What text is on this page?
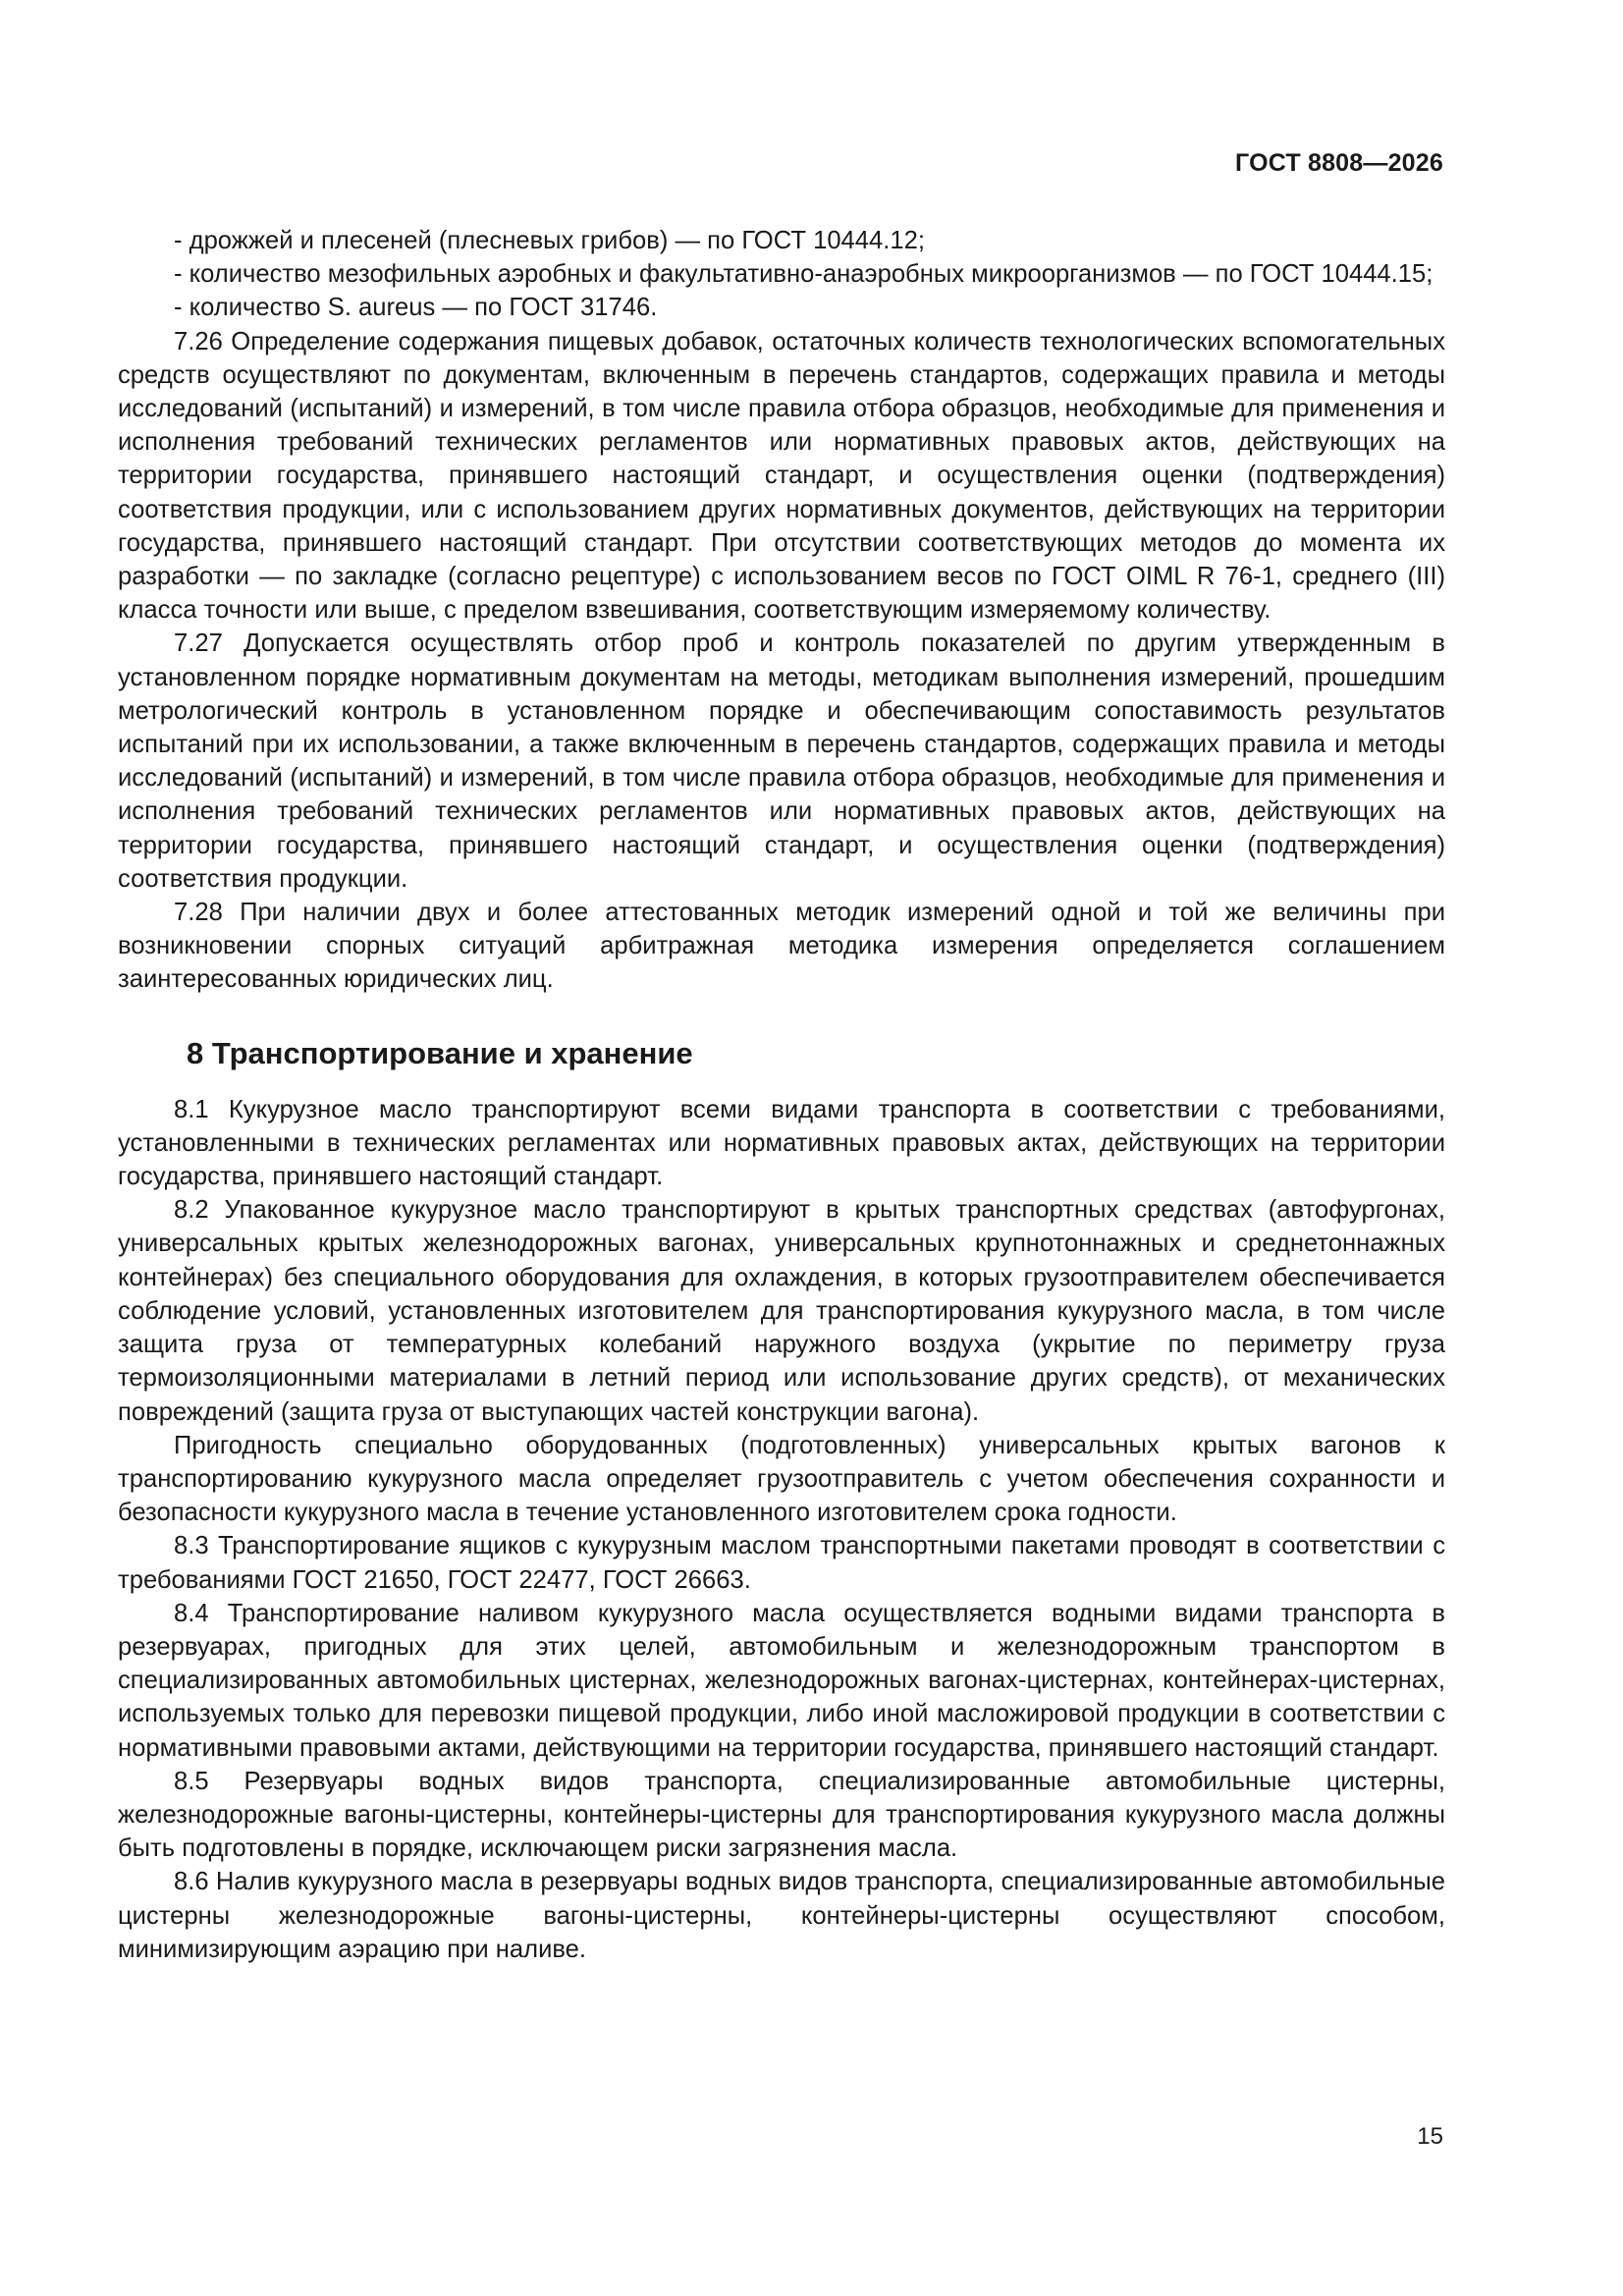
ГОСТ 8808—2026

- дрожжей и плесеней (плесневых грибов) — по ГОСТ 10444.12;

- количество мезофильных аэробных и факультативно-анаэробных микроорганизмов — по ГОСТ 10444.15;

- количество S. aureus — по ГОСТ 31746.

7.26 Определение содержания пищевых добавок, остаточных количеств технологических вспомогательных средств осуществляют по документам, включенным в перечень стандартов, содержащих правила и методы исследований (испытаний) и измерений, в том числе правила отбора образцов, необходимые для применения и исполнения требований технических регламентов или нормативных правовых актов, действующих на территории государства, принявшего настоящий стандарт, и осуществления оценки (подтверждения) соответствия продукции, или с использованием других нормативных документов, действующих на территории государства, принявшего настоящий стандарт. При отсутствии соответствующих методов до момента их разработки — по закладке (согласно рецептуре) с использованием весов по ГОСТ OIML R 76-1, среднего (III) класса точности или выше, с пределом взвешивания, соответствующим измеряемому количеству.

7.27 Допускается осуществлять отбор проб и контроль показателей по другим утвержденным в установленном порядке нормативным документам на методы, методикам выполнения измерений, прошедшим метрологический контроль в установленном порядке и обеспечивающим сопоставимость результатов испытаний при их использовании, а также включенным в перечень стандартов, содержащих правила и методы исследований (испытаний) и измерений, в том числе правила отбора образцов, необходимые для применения и исполнения требований технических регламентов или нормативных правовых актов, действующих на территории государства, принявшего настоящий стандарт, и осуществления оценки (подтверждения) соответствия продукции.

7.28 При наличии двух и более аттестованных методик измерений одной и той же величины при возникновении спорных ситуаций арбитражная методика измерения определяется соглашением заинтересованных юридических лиц.

8 Транспортирование и хранение

8.1 Кукурузное масло транспортируют всеми видами транспорта в соответствии с требованиями, установленными в технических регламентах или нормативных правовых актах, действующих на территории государства, принявшего настоящий стандарт.

8.2 Упакованное кукурузное масло транспортируют в крытых транспортных средствах (автофургонах, универсальных крытых железнодорожных вагонах, универсальных крупнотоннажных и среднетоннажных контейнерах) без специального оборудования для охлаждения, в которых грузоотправителем обеспечивается соблюдение условий, установленных изготовителем для транспортирования кукурузного масла, в том числе защита груза от температурных колебаний наружного воздуха (укрытие по периметру груза термоизоляционными материалами в летний период или использование других средств), от механических повреждений (защита груза от выступающих частей конструкции вагона).

Пригодность специально оборудованных (подготовленных) универсальных крытых вагонов к транспортированию кукурузного масла определяет грузоотправитель с учетом обеспечения сохранности и безопасности кукурузного масла в течение установленного изготовителем срока годности.

8.3 Транспортирование ящиков с кукурузным маслом транспортными пакетами проводят в соответствии с требованиями ГОСТ 21650, ГОСТ 22477, ГОСТ 26663.

8.4 Транспортирование наливом кукурузного масла осуществляется водными видами транспорта в резервуарах, пригодных для этих целей, автомобильным и железнодорожным транспортом в специализированных автомобильных цистернах, железнодорожных вагонах-цистернах, контейнерах-цистернах, используемых только для перевозки пищевой продукции, либо иной масложировой продукции в соответствии с нормативными правовыми актами, действующими на территории государства, принявшего настоящий стандарт.

8.5 Резервуары водных видов транспорта, специализированные автомобильные цистерны, железнодорожные вагоны-цистерны, контейнеры-цистерны для транспортирования кукурузного масла должны быть подготовлены в порядке, исключающем риски загрязнения масла.

8.6 Налив кукурузного масла в резервуары водных видов транспорта, специализированные автомобильные цистерны железнодорожные вагоны-цистерны, контейнеры-цистерны осуществляют способом, минимизирующим аэрацию при наливе.

15
